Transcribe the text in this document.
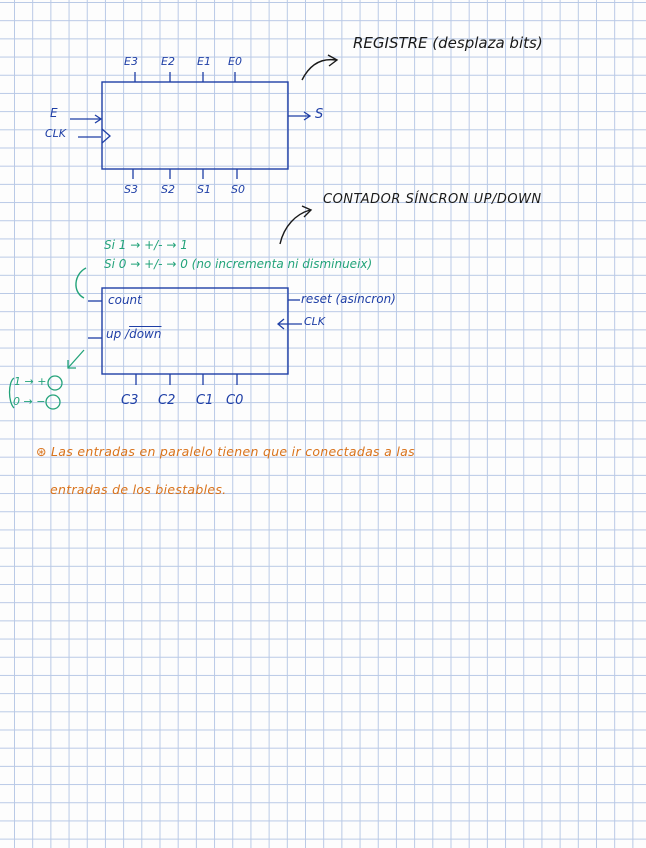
REGISTRE (desplaza bits)
E3 E2 E1 E0
E
CLK
S
S3 S2 S1 S0
CONTADOR SÍNCRON UP/DOWN
Si 1 → +/- → 1
Si 0 → +/- → 0 (no incrementa ni disminueix)
count
up /down
reset (asíncron)
CLK
C3 C2 C1 C0
1 → +
0 → −
⊛ Las entradas en paralelo tienen que ir conectadas a las
entradas de los biestables.
